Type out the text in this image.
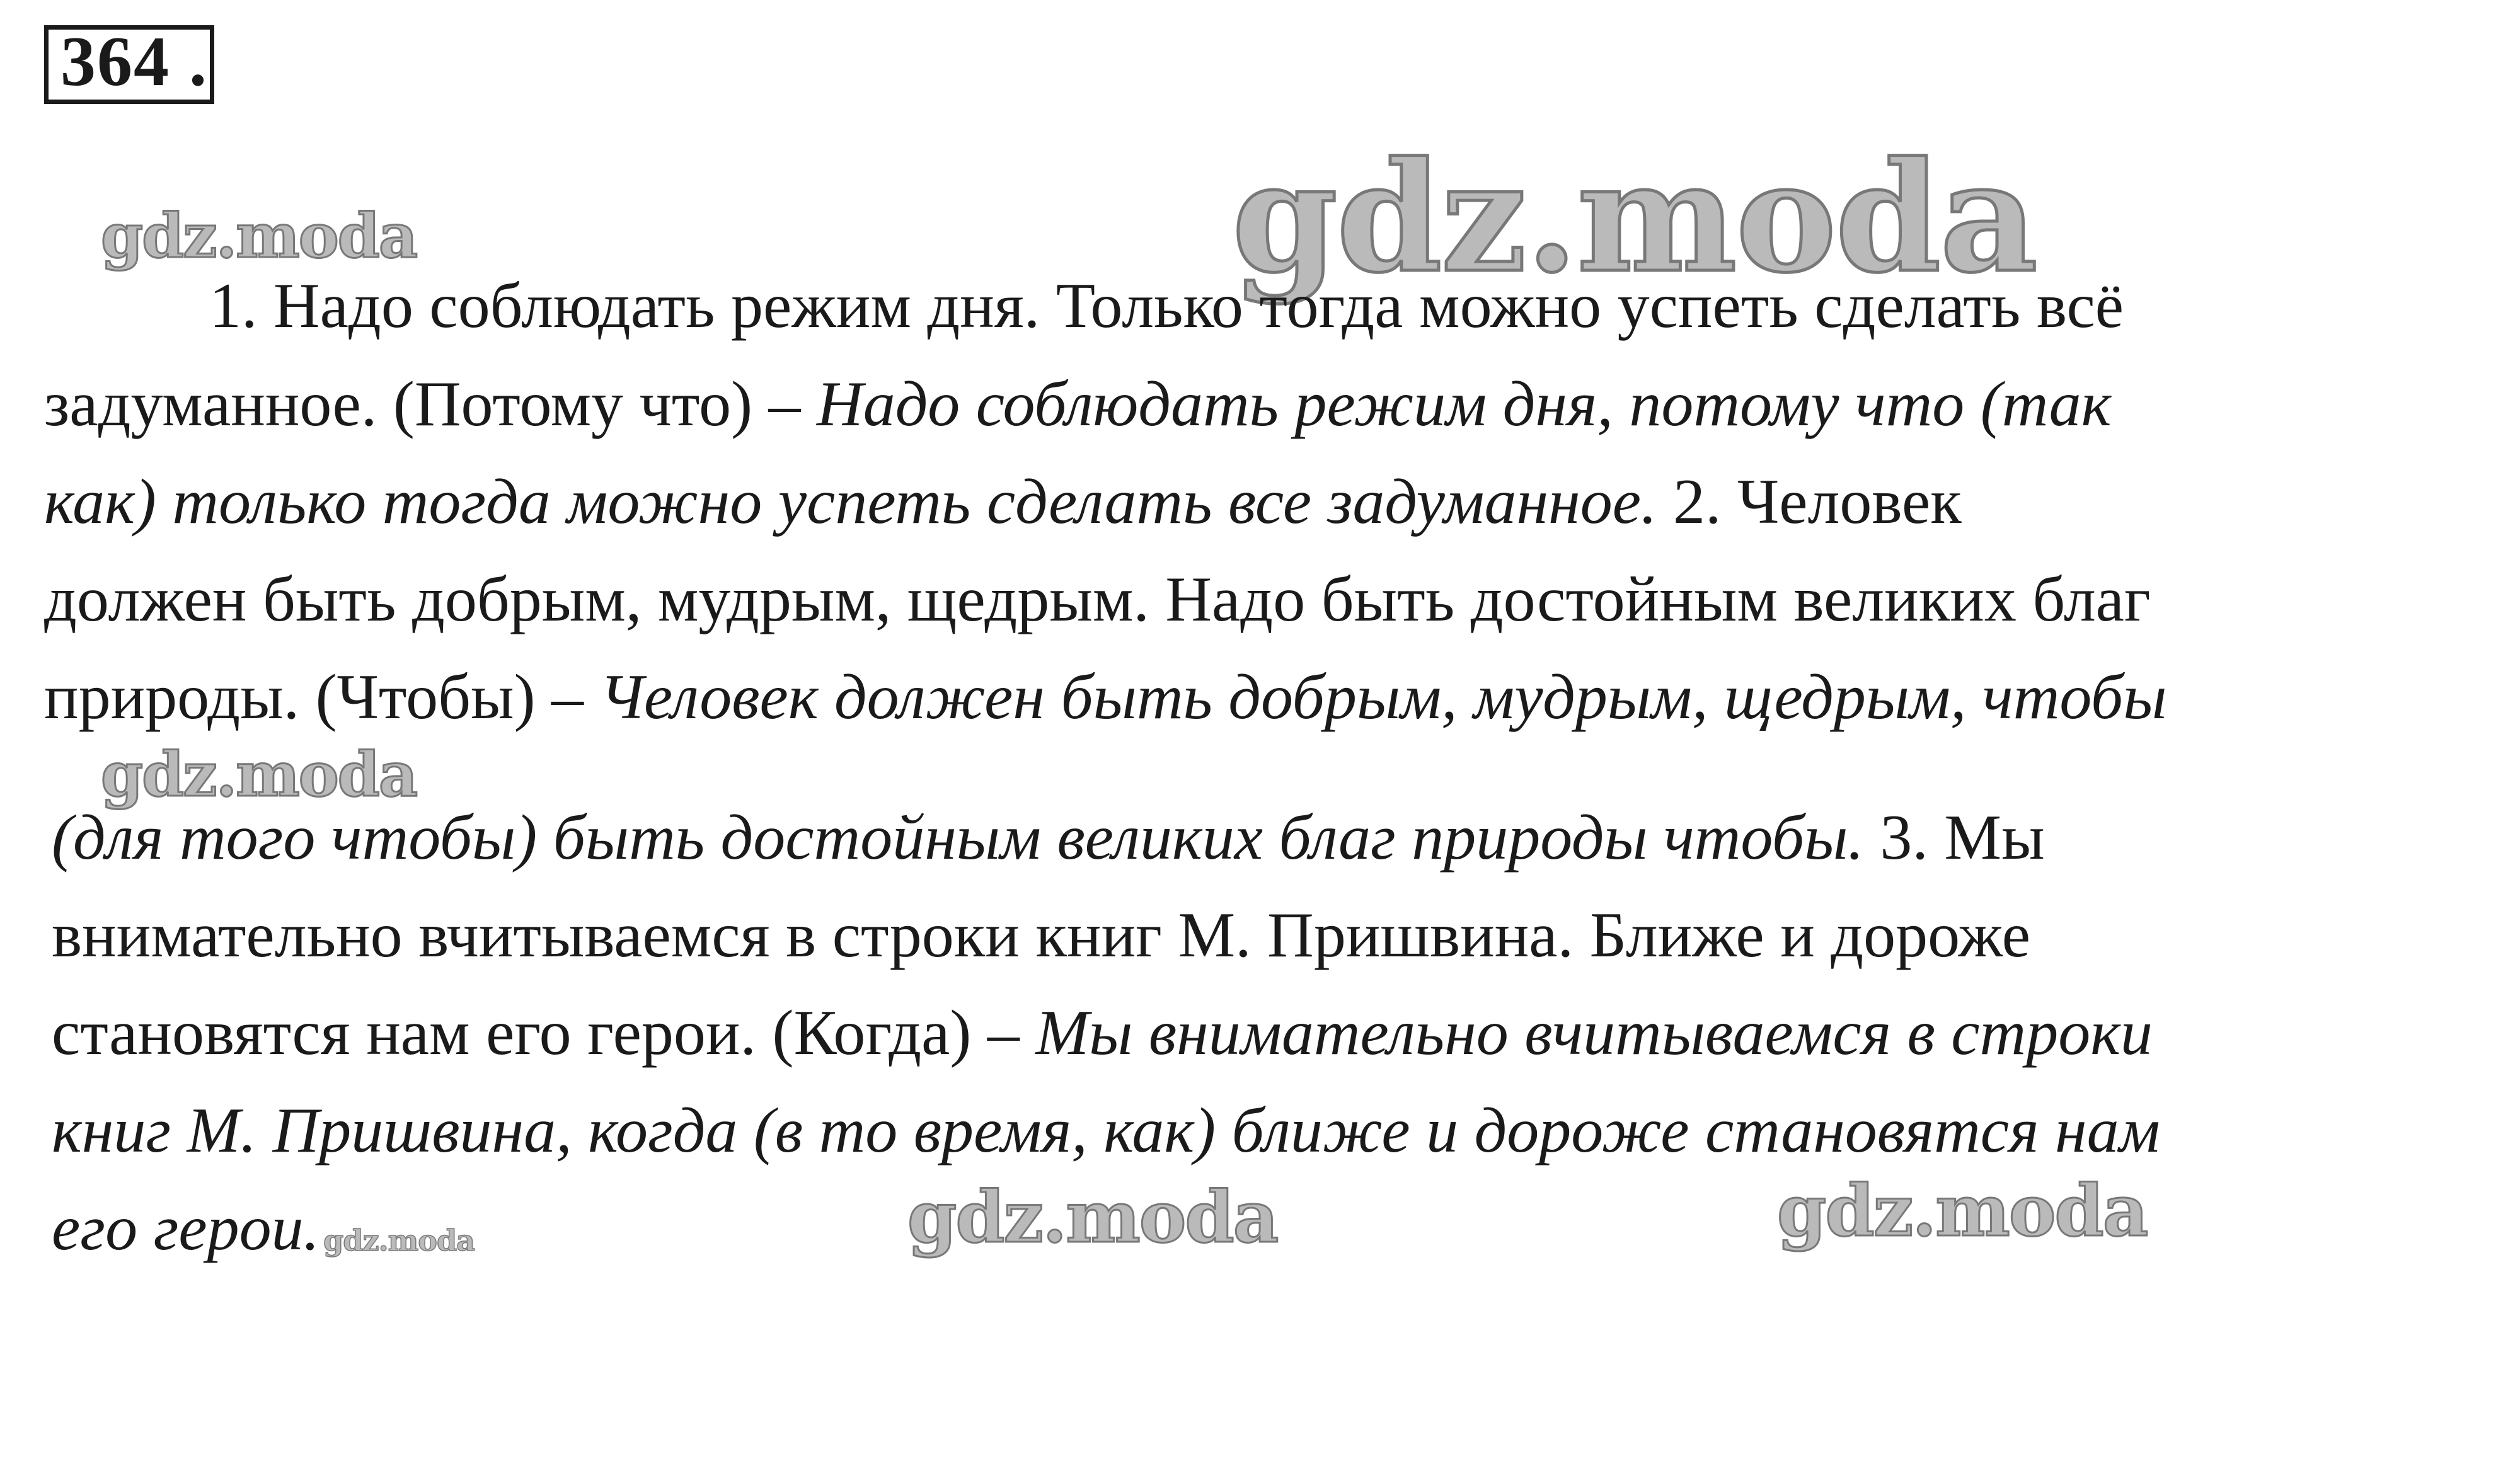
364 .
gdz.moda	gdz.moda
gdz.moda
gdz.moda	gdz.moda
1. Надо соблюдать режим дня. Только тогда можно успеть сделать всё
задуманное. (Потому что) – Надо соблюдать режим дня, потому что (так
как) только тогда можно успеть сделать все задуманное. 2. Человек
должен быть добрым, мудрым, щедрым. Надо быть достойным великих благ
природы. (Чтобы) – Человек должен быть добрым, мудрым, щедрым, чтобы
(для того чтобы) быть достойным великих благ природы чтобы. 3. Мы
внимательно вчитываемся в строки книг М. Пришвина. Ближе и дороже
становятся нам его герои. (Когда) – Мы внимательно вчитываемся в строки
книг М. Пришвина, когда (в то время, как) ближе и дороже становятся нам
его герои. gdz.moda
